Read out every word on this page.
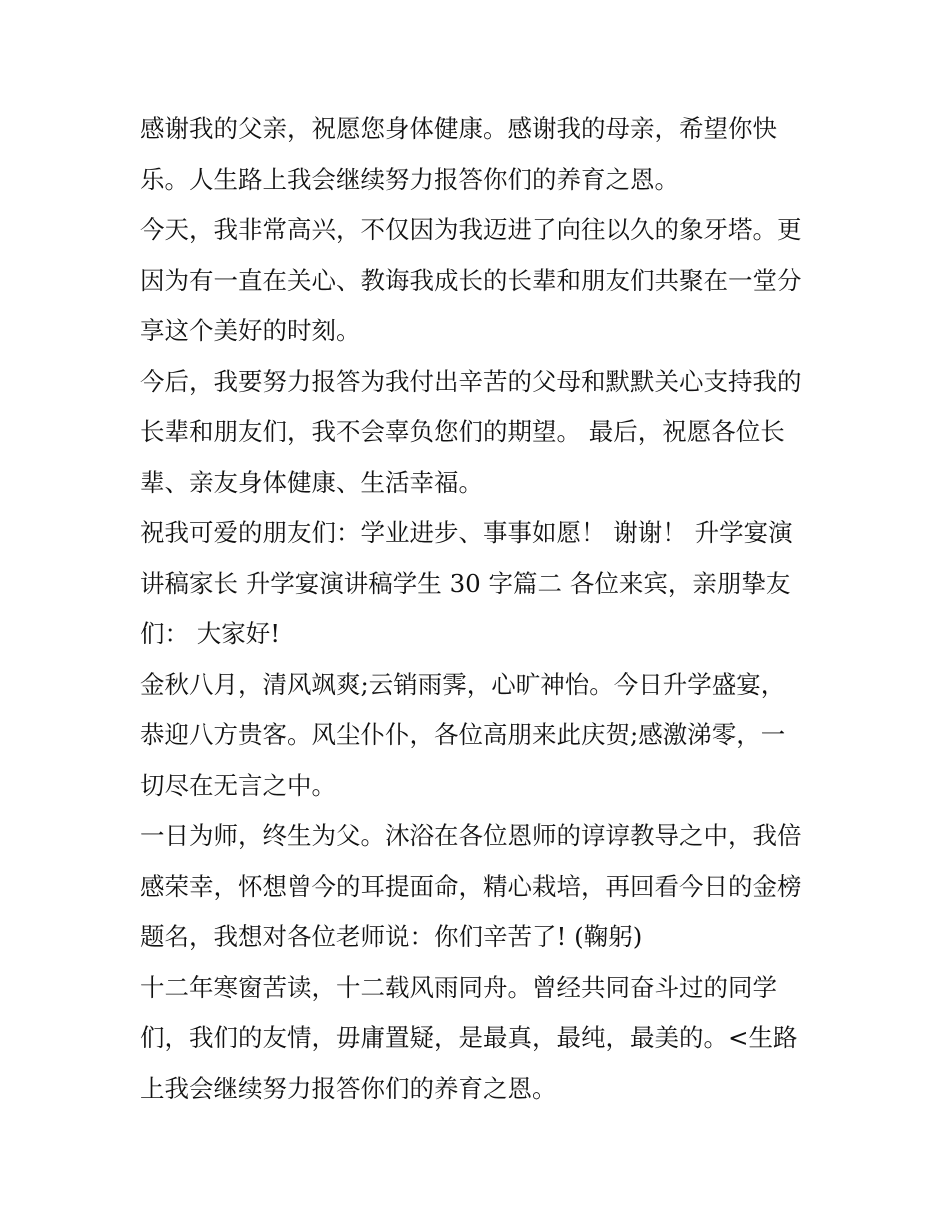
感谢我的父亲，祝愿您身体健康。感谢我的母亲，希望你快
乐。人生路上我会继续努力报答你们的养育之恩。
今天，我非常高兴，不仅因为我迈进了向往以久的象牙塔。更
因为有一直在关心、教诲我成长的长辈和朋友们共聚在一堂分
享这个美好的时刻。
今后，我要努力报答为我付出辛苦的父母和默默关心支持我的
长辈和朋友们，我不会辜负您们的期望。 最后，祝愿各位长
辈、亲友身体健康、生活幸福。
祝我可爱的朋友们：学业进步、事事如愿！ 谢谢！ 升学宴演
讲稿家长 升学宴演讲稿学生 30 字篇二 各位来宾，亲朋挚友
们： 大家好!
金秋八月，清风飒爽;云销雨霁，心旷神怡。今日升学盛宴，
恭迎八方贵客。风尘仆仆，各位高朋来此庆贺;感激涕零，一
切尽在无言之中。
一日为师，终生为父。沐浴在各位恩师的谆谆教导之中，我倍
感荣幸，怀想曾今的耳提面命，精心栽培，再回看今日的金榜
题名，我想对各位老师说：你们辛苦了! (鞠躬)
十二年寒窗苦读，十二载风雨同舟。曾经共同奋斗过的同学
们，我们的友情，毋庸置疑，是最真，最纯，最美的。<生路
上我会继续努力报答你们的养育之恩。
